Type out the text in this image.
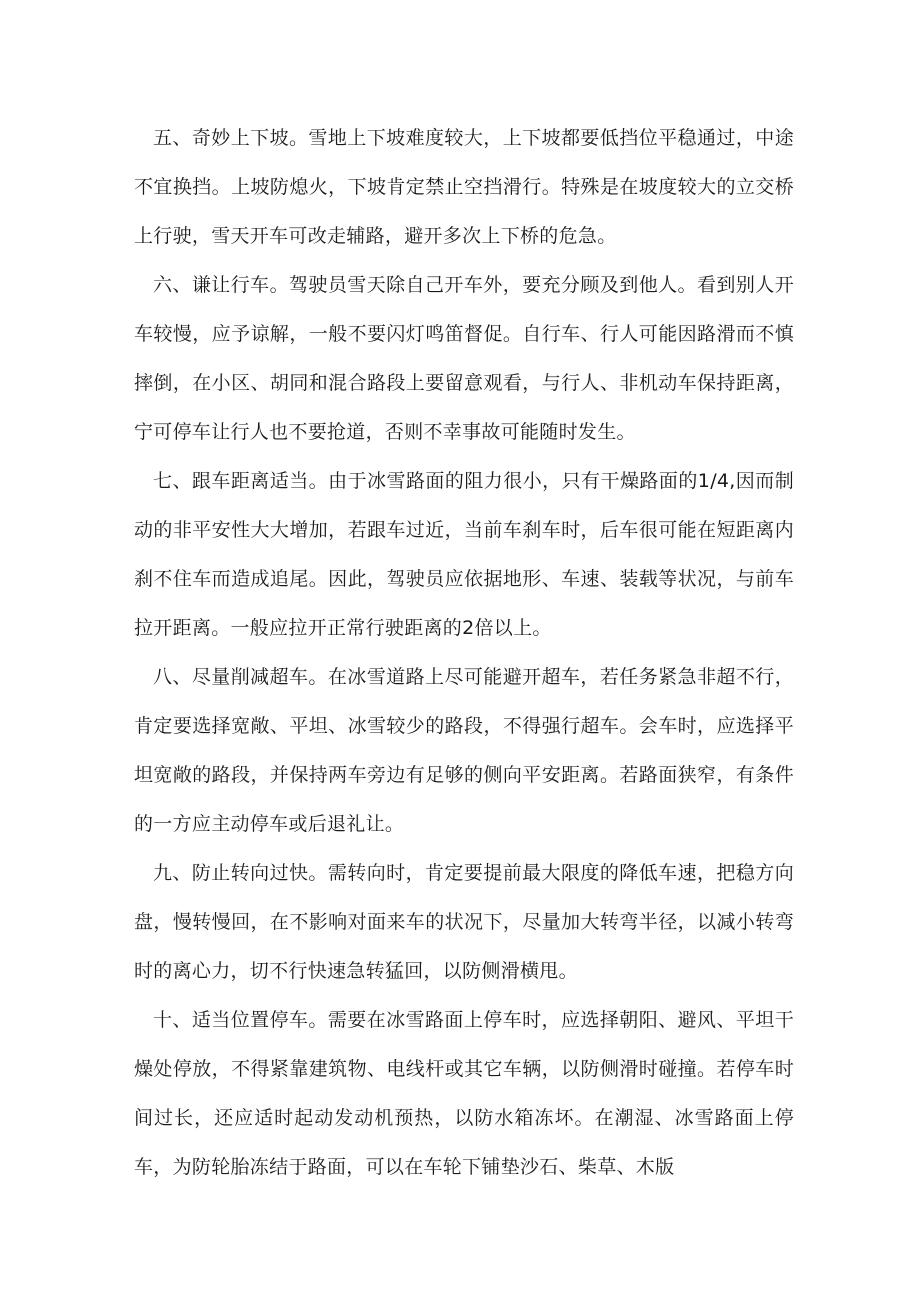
五、奇妙上下坡。雪地上下坡难度较大，上下坡都要低挡位平稳通过，中途不宜换挡。上坡防熄火，下坡肯定禁止空挡滑行。特殊是在坡度较大的立交桥上行驶，雪天开车可改走辅路，避开多次上下桥的危急。

六、谦让行车。驾驶员雪天除自己开车外，要充分顾及到他人。看到别人开车较慢，应予谅解，一般不要闪灯鸣笛督促。自行车、行人可能因路滑而不慎摔倒，在小区、胡同和混合路段上要留意观看，与行人、非机动车保持距离，宁可停车让行人也不要抢道，否则不幸事故可能随时发生。

七、跟车距离适当。由于冰雪路面的阻力很小，只有干燥路面的1/4,因而制动的非平安性大大增加，若跟车过近，当前车刹车时，后车很可能在短距离内刹不住车而造成追尾。因此，驾驶员应依据地形、车速、装载等状况，与前车拉开距离。一般应拉开正常行驶距离的2倍以上。

八、尽量削减超车。在冰雪道路上尽可能避开超车，若任务紧急非超不行，肯定要选择宽敞、平坦、冰雪较少的路段，不得强行超车。会车时，应选择平坦宽敞的路段，并保持两车旁边有足够的侧向平安距离。若路面狭窄，有条件的一方应主动停车或后退礼让。

九、防止转向过快。需转向时，肯定要提前最大限度的降低车速，把稳方向盘，慢转慢回，在不影响对面来车的状况下，尽量加大转弯半径，以减小转弯时的离心力，切不行快速急转猛回，以防侧滑横甩。

十、适当位置停车。需要在冰雪路面上停车时，应选择朝阳、避风、平坦干燥处停放，不得紧靠建筑物、电线杆或其它车辆，以防侧滑时碰撞。若停车时间过长，还应适时起动发动机预热，以防水箱冻坏。在潮湿、冰雪路面上停车，为防轮胎冻结于路面，可以在车轮下铺垫沙石、柴草、木版
